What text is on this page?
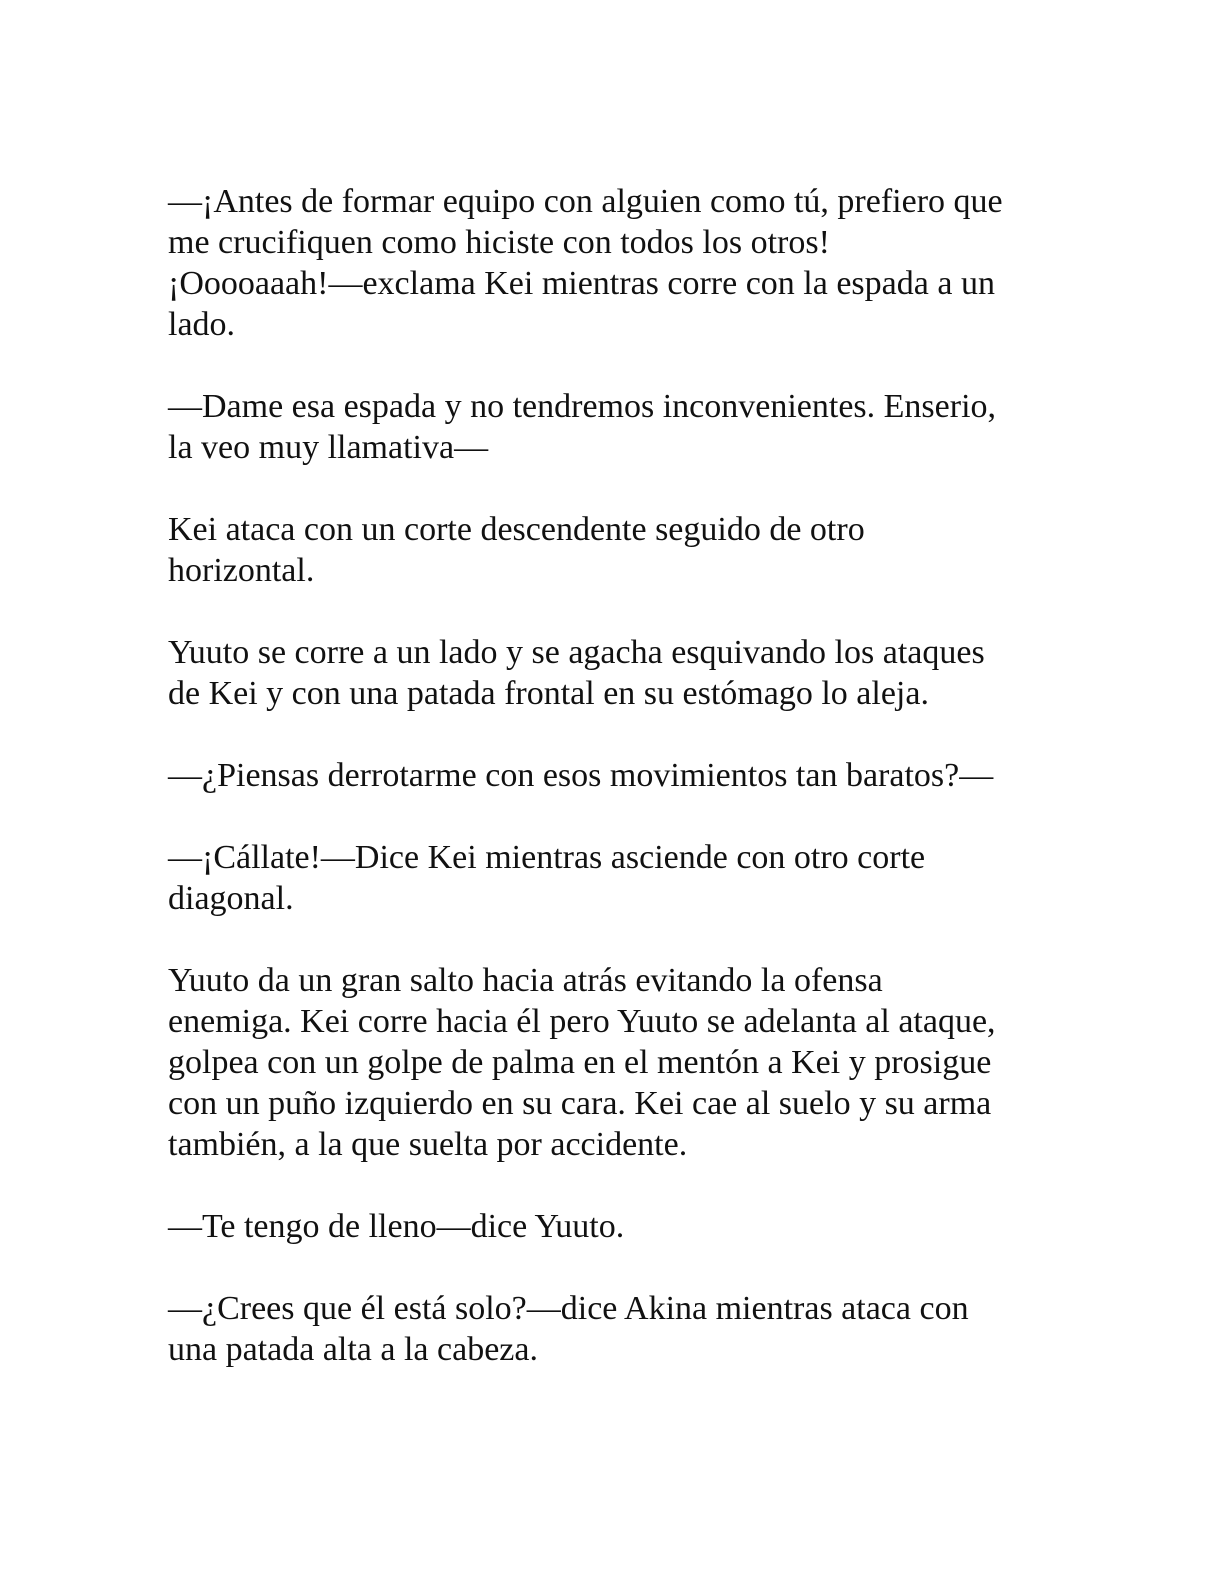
—¡Antes de formar equipo con alguien como tú, prefiero que
me crucifiquen como hiciste con todos los otros!
¡Ooooaaah!—exclama Kei mientras corre con la espada a un
lado.

—Dame esa espada y no tendremos inconvenientes. Enserio,
la veo muy llamativa—

Kei ataca con un corte descendente seguido de otro
horizontal.

Yuuto se corre a un lado y se agacha esquivando los ataques
de Kei y con una patada frontal en su estómago lo aleja.

—¿Piensas derrotarme con esos movimientos tan baratos?—

—¡Cállate!—Dice Kei mientras asciende con otro corte
diagonal.

Yuuto da un gran salto hacia atrás evitando la ofensa
enemiga. Kei corre hacia él pero Yuuto se adelanta al ataque,
golpea con un golpe de palma en el mentón a Kei y prosigue
con un puño izquierdo en su cara. Kei cae al suelo y su arma
también, a la que suelta por accidente.

—Te tengo de lleno—dice Yuuto.

—¿Crees que él está solo?—dice Akina mientras ataca con
una patada alta a la cabeza.
